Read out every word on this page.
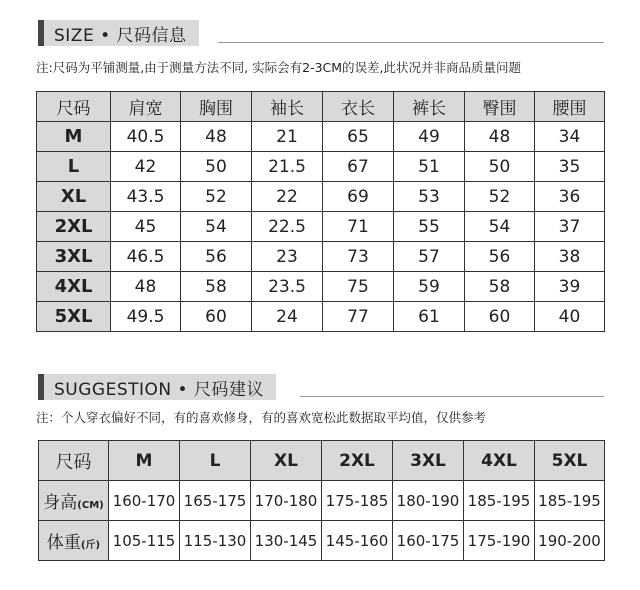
SIZE • 尺码信息
注:尺码为平铺测量,由于测量方法不同, 实际会有2-3CM的误差,此状况并非商品质量问题
尺码	肩宽	胸围	袖长	衣长	裤长	臀围	腰围
M	40.5	48	21	65	49	48	34
L	42	50	21.5	67	51	50	35
XL	43.5	52	22	69	53	52	36
2XL	45	54	22.5	71	55	54	37
3XL	46.5	56	23	73	57	56	38
4XL	48	58	23.5	75	59	58	39
5XL	49.5	60	24	77	61	60	40
SUGGESTION • 尺码建议
注：个人穿衣偏好不同，有的喜欢修身，有的喜欢宽松此数据取平均值，仅供参考
尺码	M	L	XL	2XL	3XL	4XL	5XL
身高(CM)	160-170	165-175	170-180	175-185	180-190	185-195	185-195
体重(斤)	105-115	115-130	130-145	145-160	160-175	175-190	190-200
